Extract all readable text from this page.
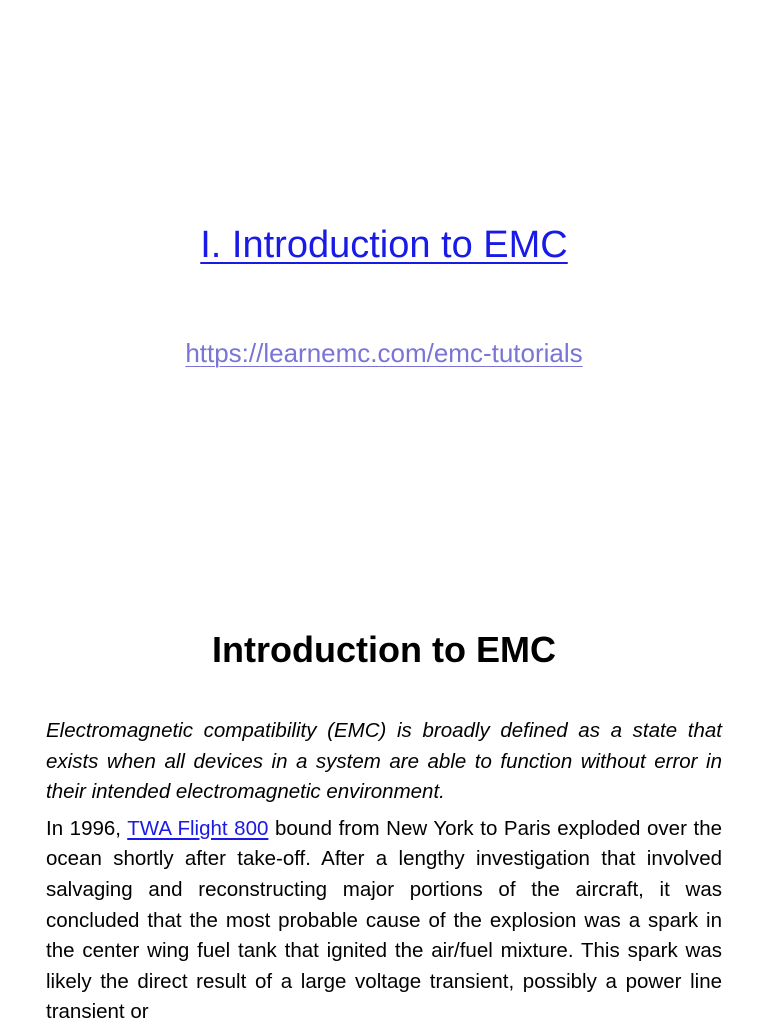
I. Introduction to EMC
https://learnemc.com/emc-tutorials
Introduction to EMC

Electromagnetic compatibility (EMC) is broadly defined as a state that exists when all devices in a system are able to function without error in their intended electromagnetic environment.

In 1996, TWA Flight 800 bound from New York to Paris exploded over the ocean shortly after take-off. After a lengthy investigation that involved salvaging and reconstructing major portions of the aircraft, it was concluded that the most probable cause of the explosion was a spark in the center wing fuel tank that ignited the air/fuel mixture. This spark was likely the direct result of a large voltage transient, possibly a power line transient or
